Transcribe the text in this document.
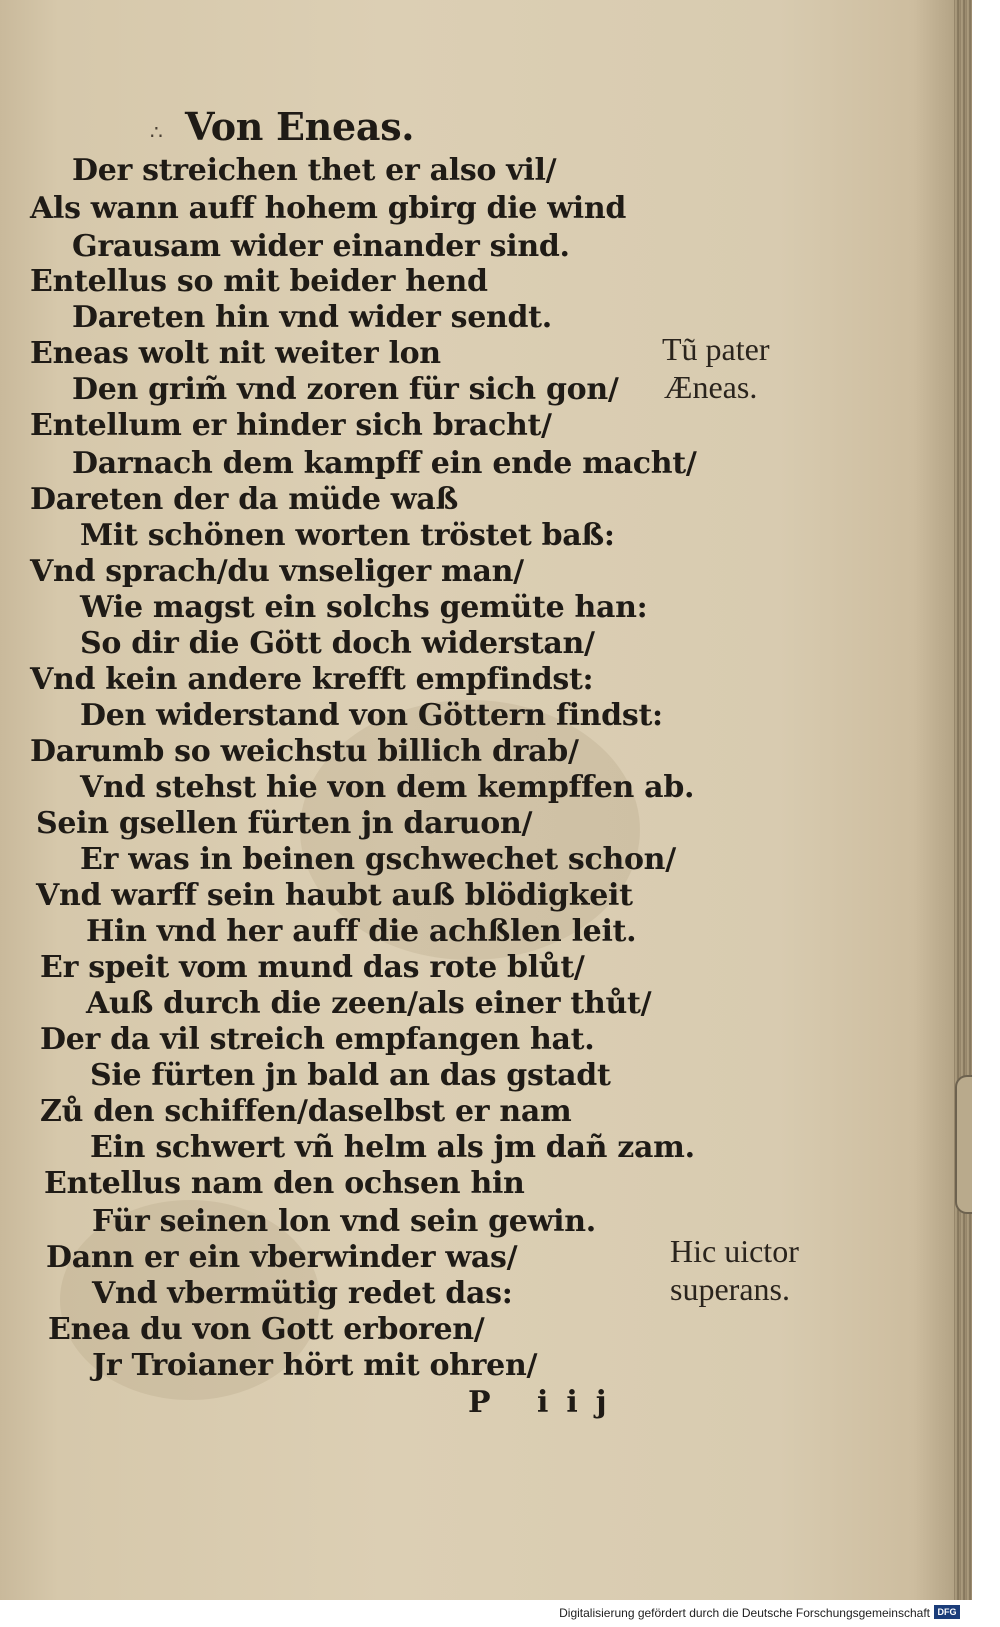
∴ Von Eneas.
Der streichen thet er also vil/
Als wann auff hohem gbirg die wind
Grausam wider einander sind.
Entellus so mit beider hend
Dareten hin vnd wider sendt.
Eneas wolt nit weiter lon
Den grim̃ vnd zoren für sich gon/
Entellum er hinder sich bracht/
Darnach dem kampff ein ende macht/
Dareten der da müde waß
Mit schönen worten tröstet baß:
Vnd sprach/du vnseliger man/
Wie magst ein solchs gemüte han:
So dir die Gött doch widerstan/
Vnd kein andere krefft empfindst:
Den widerstand von Göttern findst:
Darumb so weichstu billich drab/
Vnd stehst hie von dem kempffen ab.
Sein gsellen fürten jn daruon/
Er was in beinen gschwechet schon/
Vnd warff sein haubt auß blödigkeit
Hin vnd her auff die achßlen leit.
Er speit vom mund das rote blůt/
Auß durch die zeen/als einer thůt/
Der da vil streich empfangen hat.
Sie fürten jn bald an das gstadt
Zů den schiffen/daselbst er nam
Ein schwert vñ helm als jm dañ zam.
Entellus nam den ochsen hin
Für seinen lon vnd sein gewin.
Dann er ein vberwinder was/
Vnd vbermütig redet das:
Enea du von Gott erboren/
Jr Troianer hört mit ohren/
Tũ pater
Æneas.
Hic uictor
superans.
P iij
Digitalisierung gefördert durch die Deutsche Forschungsgemeinschaft DFG
